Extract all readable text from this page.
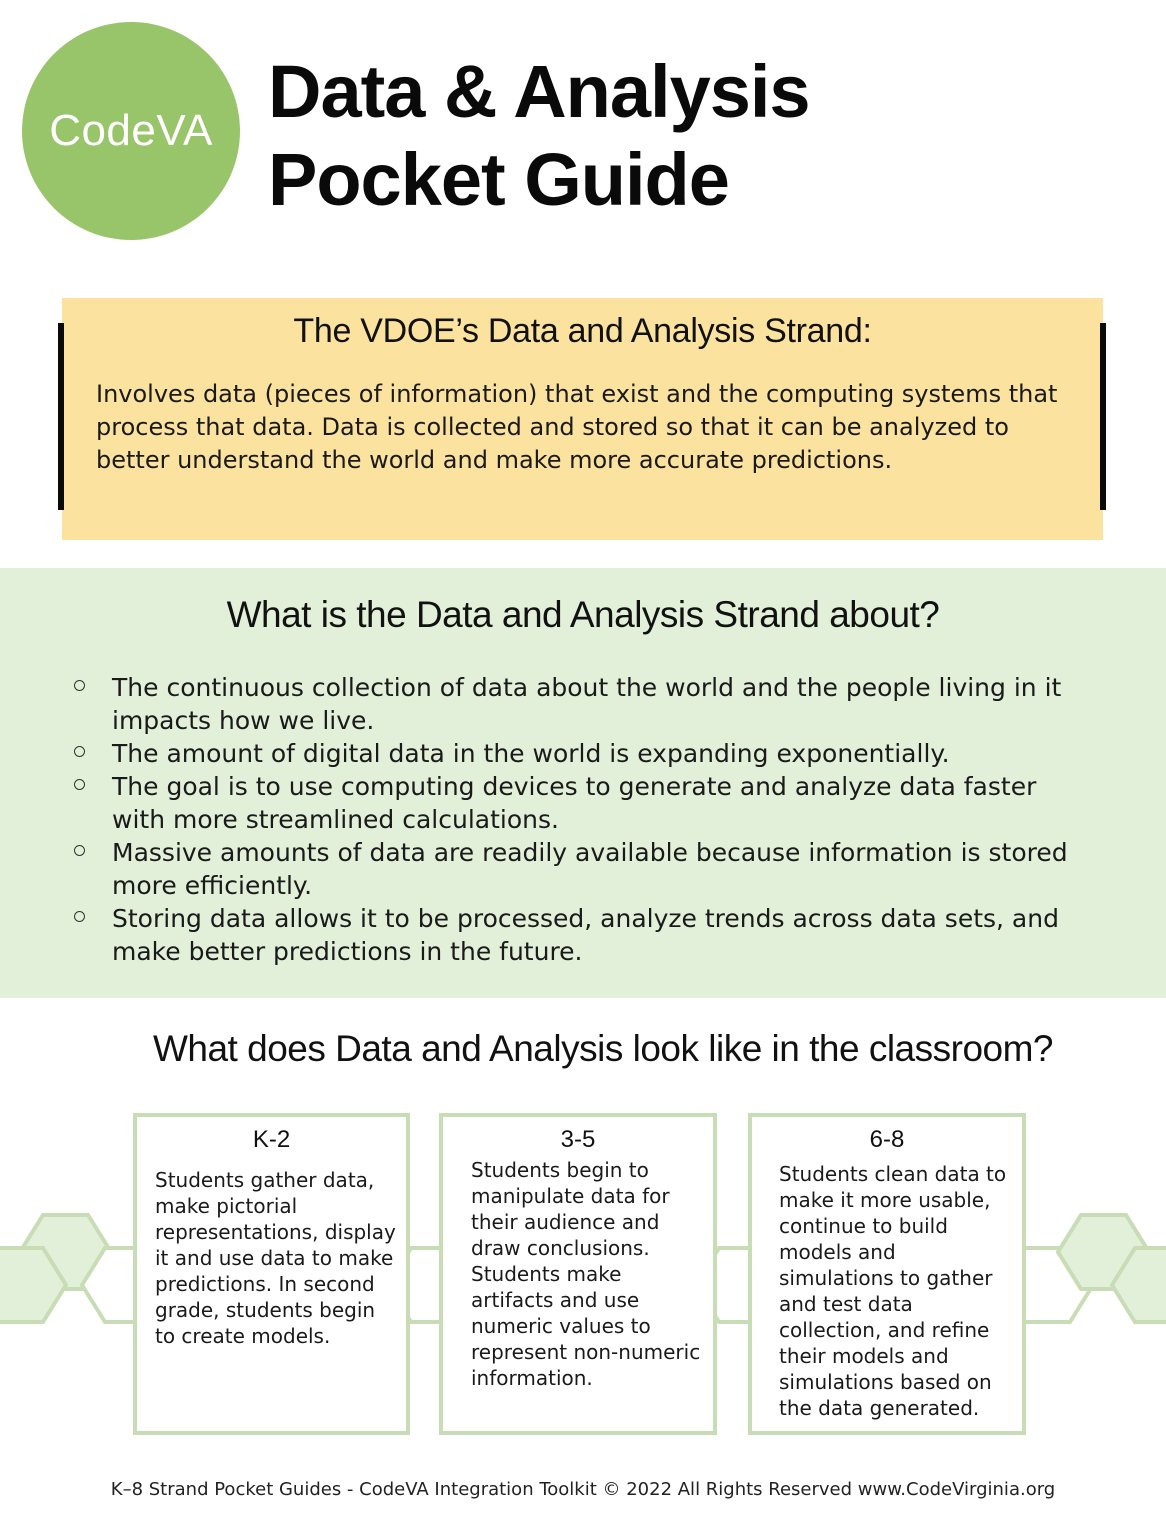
CodeVA Data & Analysis
Pocket Guide
The VDOE’s Data and Analysis Strand:

Involves data (pieces of information) that exist and the computing systems that process that data. Data is collected and stored so that it can be analyzed to better understand the world and make more accurate predictions.

What is the Data and Analysis Strand about?
The continuous collection of data about the world and the people living in it impacts how we live.
The amount of digital data in the world is expanding exponentially.
The goal is to use computing devices to generate and analyze data faster with more streamlined calculations.
Massive amounts of data are readily available because information is stored more efficiently.
Storing data allows it to be processed, analyze trends across data sets, and make better predictions in the future.
What does Data and Analysis look like in the classroom?
K-2

Students gather data, make pictorial representations, display it and use data to make predictions. In second grade, students begin to create models.

3-5

Students begin to manipulate data for their audience and draw conclusions. Students make artifacts and use numeric values to represent non-numeric information.

6-8

Students clean data to make it more usable, continue to build models and simulations to gather and test data collection, and refine their models and simulations based on the data generated.

K–8 Strand Pocket Guides - CodeVA Integration Toolkit © 2022 All Rights Reserved www.CodeVirginia.org
